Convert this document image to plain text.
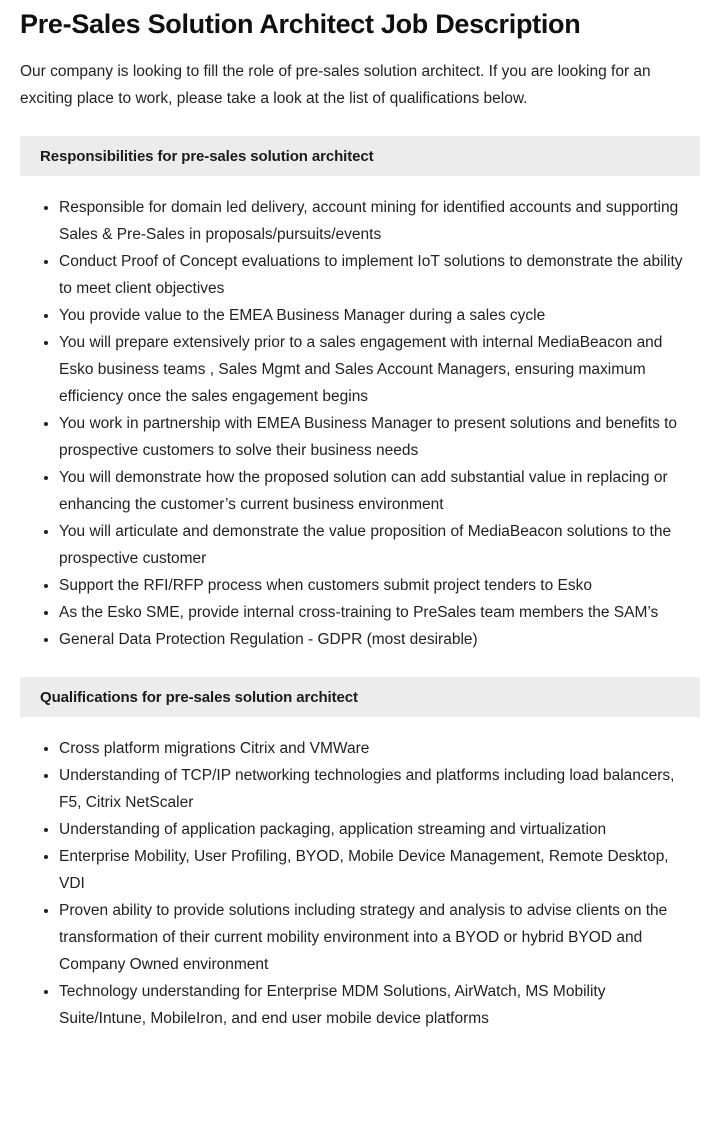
Pre-Sales Solution Architect Job Description

Our company is looking to fill the role of pre-sales solution architect. If you are looking for an exciting place to work, please take a look at the list of qualifications below.

Responsibilities for pre-sales solution architect
Responsible for domain led delivery, account mining for identified accounts and supporting Sales & Pre-Sales in proposals/pursuits/events
Conduct Proof of Concept evaluations to implement IoT solutions to demonstrate the ability to meet client objectives
You provide value to the EMEA Business Manager during a sales cycle
You will prepare extensively prior to a sales engagement with internal MediaBeacon and Esko business teams , Sales Mgmt and Sales Account Managers, ensuring maximum efficiency once the sales engagement begins
You work in partnership with EMEA Business Manager to present solutions and benefits to prospective customers to solve their business needs
You will demonstrate how the proposed solution can add substantial value in replacing or enhancing the customer’s current business environment
You will articulate and demonstrate the value proposition of MediaBeacon solutions to the prospective customer
Support the RFI/RFP process when customers submit project tenders to Esko
As the Esko SME, provide internal cross-training to PreSales team members the SAM’s
General Data Protection Regulation - GDPR (most desirable)
Qualifications for pre-sales solution architect
Cross platform migrations Citrix and VMWare
Understanding of TCP/IP networking technologies and platforms including load balancers, F5, Citrix NetScaler
Understanding of application packaging, application streaming and virtualization
Enterprise Mobility, User Profiling, BYOD, Mobile Device Management, Remote Desktop, VDI
Proven ability to provide solutions including strategy and analysis to advise clients on the transformation of their current mobility environment into a BYOD or hybrid BYOD and Company Owned environment
Technology understanding for Enterprise MDM Solutions, AirWatch, MS Mobility Suite/Intune, MobileIron, and end user mobile device platforms
